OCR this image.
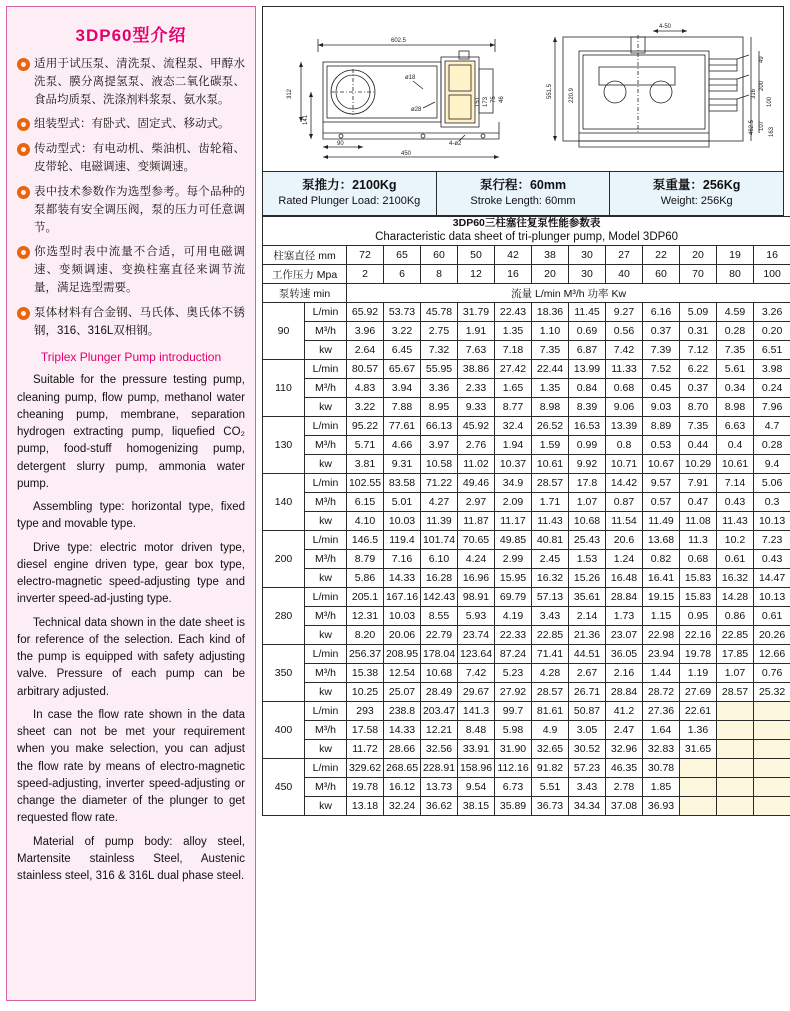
3DP60型介绍
适用于试压泵、清洗泵、流程泵、甲醇水洗泵、膜分离提氢泵、液态二氧化碳泵、食品均质泵、洗涤剂料浆泵、氨水泵。
组装型式：有卧式、固定式、移动式。
传动型式：有电动机、柴油机、齿轮箱、皮带轮、电磁调速、变频调速。
表中技术参数作为选型参考。每个品种的泵都装有安全调压阀，泵的压力可任意调节。
你选型时表中流量不合适，可用电磁调速、变频调速、变换柱塞直径来调节流量，满足选型需要。
泵体材料有合金钢、马氏体、奥氏体不锈钢，316、316L双相钢。
Triplex Plunger Pump introduction

Suitable for the pressure testing pump, cleaning pump, flow pump, methanol water cheaning pump, membrane, separation hydrogen extracting pump, liquefied CO₂ pump, food-stuff homogenizing pump, detergent slurry pump, ammonia water pump.

Assembling type: horizontal type, fixed type and movable type.

Drive type: electric motor driven type, diesel engine driven type, gear box type, electro-magnetic speed-adjusting type and inverter speed-ad-justing type.

Technical data shown in the date sheet is for reference of the selection. Each kind of the pump is equipped with safety adjusting valve. Pressure of each pump can be arbitrary adjusted.

In case the flow rate shown in the data sheet can not be met your requirement when you make selection, you can adjust the flow rate by means of electro-magnetic speed-adjusting, inverter speed-adjusting or change the diameter of the plunger to get requested flow rate.

Material of pump body: alloy steel, Martensite stainless Steel, Austenic stainless steel, 316 & 316L dual phase steel.

602.5
312
141
450
90
ø18
ø28
4-ø2
151 173 75 46
4-50
551.5	220.9
49
200
316
100
107
462.5 163
泵推力：2100Kg
Rated Plunger Load: 2100Kg
泵行程：60mm
Stroke Length: 60mm
泵重量：256Kg
Weight: 256Kg
3DP60三柱塞往复泵性能参数表
Characteristic data sheet of tri-plunger pump, Model 3DP60													

柱塞直径 mm		72	65	60	50	42	38	30	27	22	20	19	16
工作压力 Mpa		2	6	8	12	16	20	30	40	60	70	80	100
泵转速 min		流量 L/min M³/h 功率 Kw											
90	L/min	65.92	53.73	45.78	31.79	22.43	18.36	11.45	9.27	6.16	5.09	4.59	3.26
	M³/h	3.96	3.22	2.75	1.91	1.35	1.10	0.69	0.56	0.37	0.31	0.28	0.20
	kw	2.64	6.45	7.32	7.63	7.18	7.35	6.87	7.42	7.39	7.12	7.35	6.51
110	L/min	80.57	65.67	55.95	38.86	27.42	22.44	13.99	11.33	7.52	6.22	5.61	3.98
	M³/h	4.83	3.94	3.36	2.33	1.65	1.35	0.84	0.68	0.45	0.37	0.34	0.24
	kw	3.22	7.88	8.95	9.33	8.77	8.98	8.39	9.06	9.03	8.70	8.98	7.96
130	L/min	95.22	77.61	66.13	45.92	32.4	26.52	16.53	13.39	8.89	7.35	6.63	4.7
	M³/h	5.71	4.66	3.97	2.76	1.94	1.59	0.99	0.8	0.53	0.44	0.4	0.28
	kw	3.81	9.31	10.58	11.02	10.37	10.61	9.92	10.71	10.67	10.29	10.61	9.4
140	L/min	102.55	83.58	71.22	49.46	34.9	28.57	17.8	14.42	9.57	7.91	7.14	5.06
	M³/h	6.15	5.01	4.27	2.97	2.09	1.71	1.07	0.87	0.57	0.47	0.43	0.3
	kw	4.10	10.03	11.39	11.87	11.17	11.43	10.68	11.54	11.49	11.08	11.43	10.13
200	L/min	146.5	119.4	101.74	70.65	49.85	40.81	25.43	20.6	13.68	11.3	10.2	7.23
	M³/h	8.79	7.16	6.10	4.24	2.99	2.45	1.53	1.24	0.82	0.68	0.61	0.43
	kw	5.86	14.33	16.28	16.96	15.95	16.32	15.26	16.48	16.41	15.83	16.32	14.47
280	L/min	205.1	167.16	142.43	98.91	69.79	57.13	35.61	28.84	19.15	15.83	14.28	10.13
	M³/h	12.31	10.03	8.55	5.93	4.19	3.43	2.14	1.73	1.15	0.95	0.86	0.61
	kw	8.20	20.06	22.79	23.74	22.33	22.85	21.36	23.07	22.98	22.16	22.85	20.26
350	L/min	256.37	208.95	178.04	123.64	87.24	71.41	44.51	36.05	23.94	19.78	17.85	12.66
	M³/h	15.38	12.54	10.68	7.42	5.23	4.28	2.67	2.16	1.44	1.19	1.07	0.76
	kw	10.25	25.07	28.49	29.67	27.92	28.57	26.71	28.84	28.72	27.69	28.57	25.32
400	L/min	293	238.8	203.47	141.3	99.7	81.61	50.87	41.2	27.36	22.61		
	M³/h	17.58	14.33	12.21	8.48	5.98	4.9	3.05	2.47	1.64	1.36		
	kw	11.72	28.66	32.56	33.91	31.90	32.65	30.52	32.96	32.83	31.65		
450	L/min	329.62	268.65	228.91	158.96	112.16	91.82	57.23	46.35	30.78			
	M³/h	19.78	16.12	13.73	9.54	6.73	5.51	3.43	2.78	1.85			
	kw	13.18	32.24	36.62	38.15	35.89	36.73	34.34	37.08	36.93			
